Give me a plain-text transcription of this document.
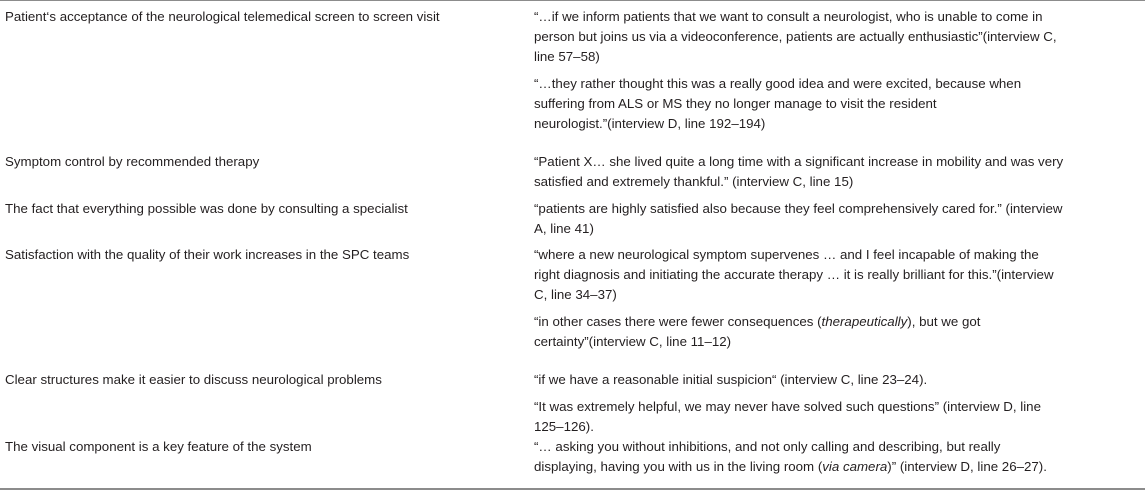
Patient‘s acceptance of the neurological telemedical screen to screen visit	“…if we inform patients that we want to consult a neurologist, who is unable to come in
person but joins us via a videoconference, patients are actually enthusiastic”(interview C,
line 57–58)
“…they rather thought this was a really good idea and were excited, because when
suffering from ALS or MS they no longer manage to visit the resident
neurologist.”(interview D, line 192–194)
Symptom control by recommended therapy	“Patient X… she lived quite a long time with a significant increase in mobility and was very
satisfied and extremely thankful.” (interview C, line 15)
The fact that everything possible was done by consulting a specialist	“patients are highly satisfied also because they feel comprehensively cared for.” (interview
A, line 41)
Satisfaction with the quality of their work increases in the SPC teams	“where a new neurological symptom supervenes … and I feel incapable of making the
right diagnosis and initiating the accurate therapy … it is really brilliant for this.”(interview
C, line 34–37)
“in other cases there were fewer consequences (therapeutically), but we got
certainty”(interview C, line 11–12)
Clear structures make it easier to discuss neurological problems	“if we have a reasonable initial suspicion“ (interview C, line 23–24).
“It was extremely helpful, we may never have solved such questions” (interview D, line
125–126).
The visual component is a key feature of the system	“… asking you without inhibitions, and not only calling and describing, but really
displaying, having you with us in the living room (via camera)” (interview D, line 26–27).
